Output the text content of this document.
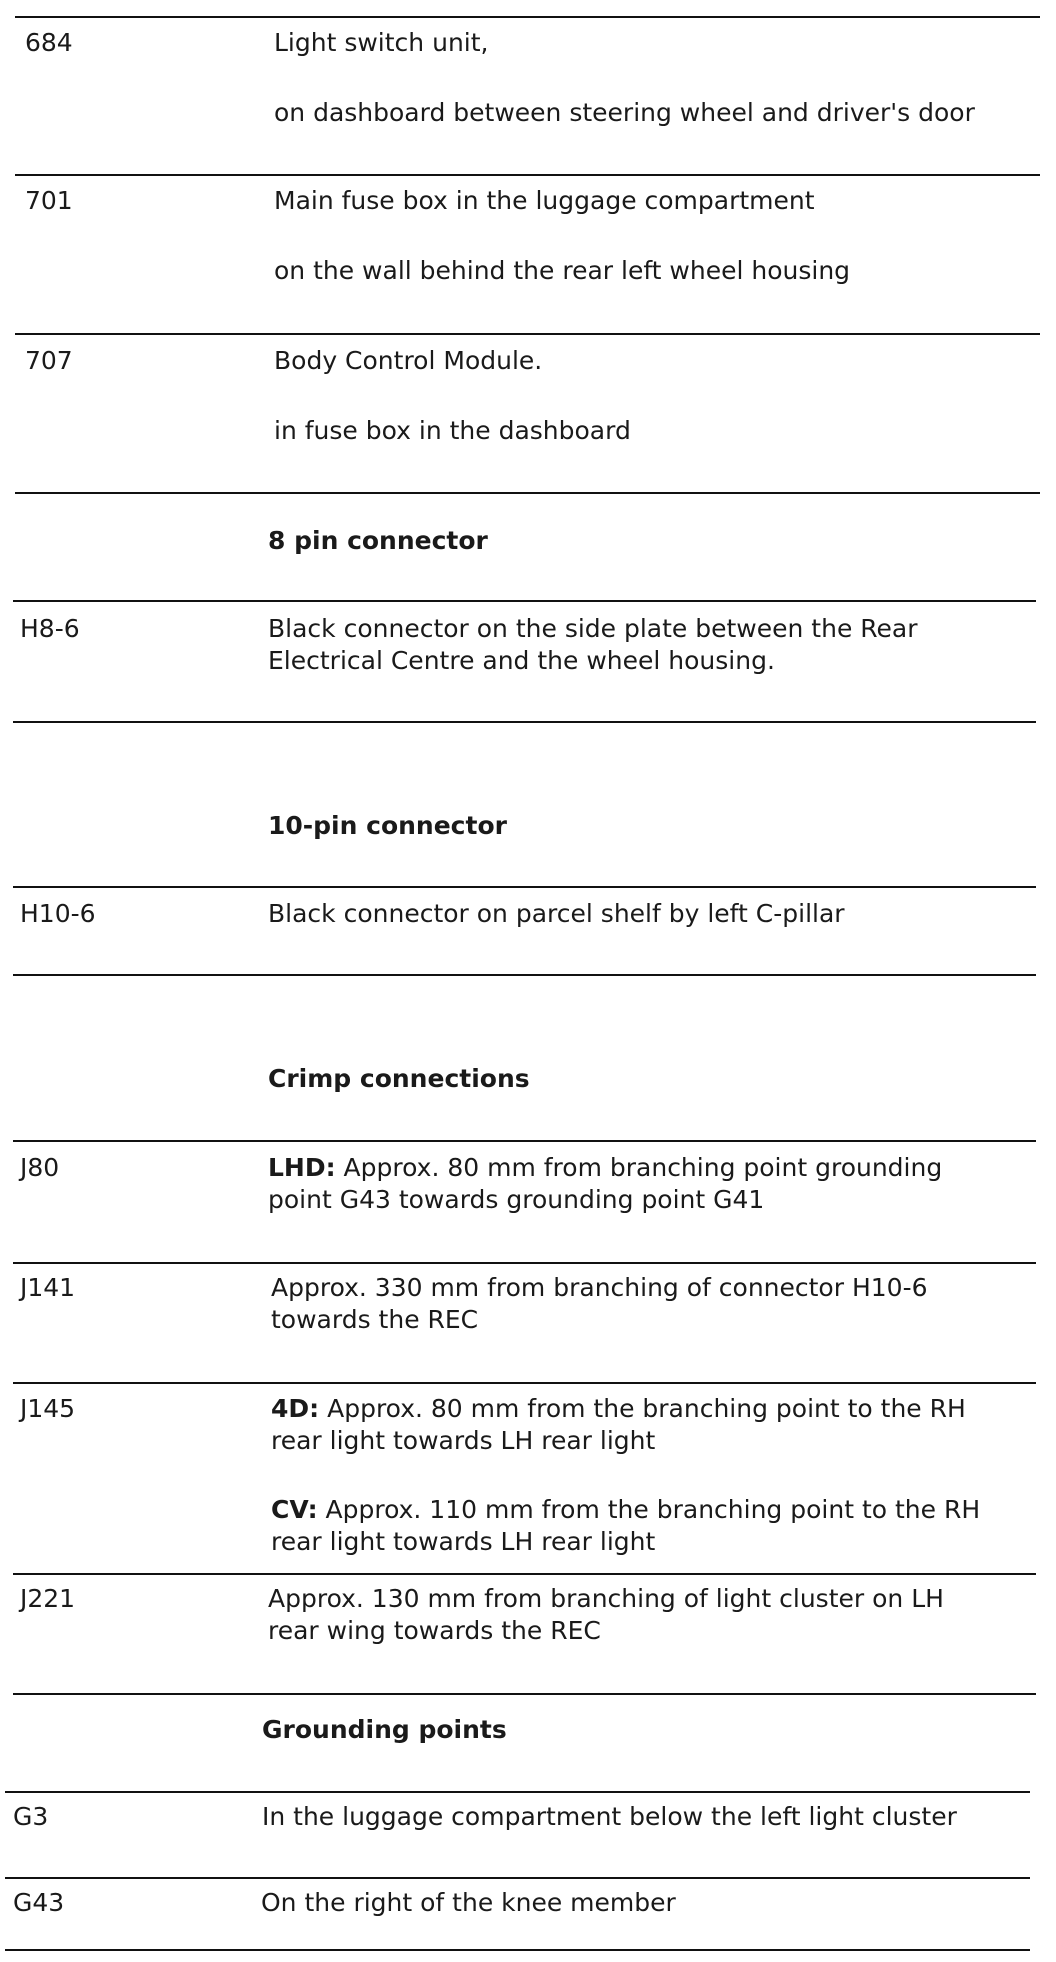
684	Light switch unit,
on dashboard between steering wheel and driver's door
701	Main fuse box in the luggage compartment
on the wall behind the rear left wheel housing
707	Body Control Module.
in fuse box in the dashboard
8 pin connector
H8-6	Black connector on the side plate between the Rear
Electrical Centre and the wheel housing.
10-pin connector
H10-6	Black connector on parcel shelf by left C-pillar
Crimp connections
J80	LHD: Approx. 80 mm from branching point grounding
point G43 towards grounding point G41
J141	Approx. 330 mm from branching of connector H10-6
towards the REC
J145	4D: Approx. 80 mm from the branching point to the RH
rear light towards LH rear light
CV: Approx. 110 mm from the branching point to the RH
rear light towards LH rear light
J221	Approx. 130 mm from branching of light cluster on LH
rear wing towards the REC
Grounding points
G3	In the luggage compartment below the left light cluster
G43	On the right of the knee member
